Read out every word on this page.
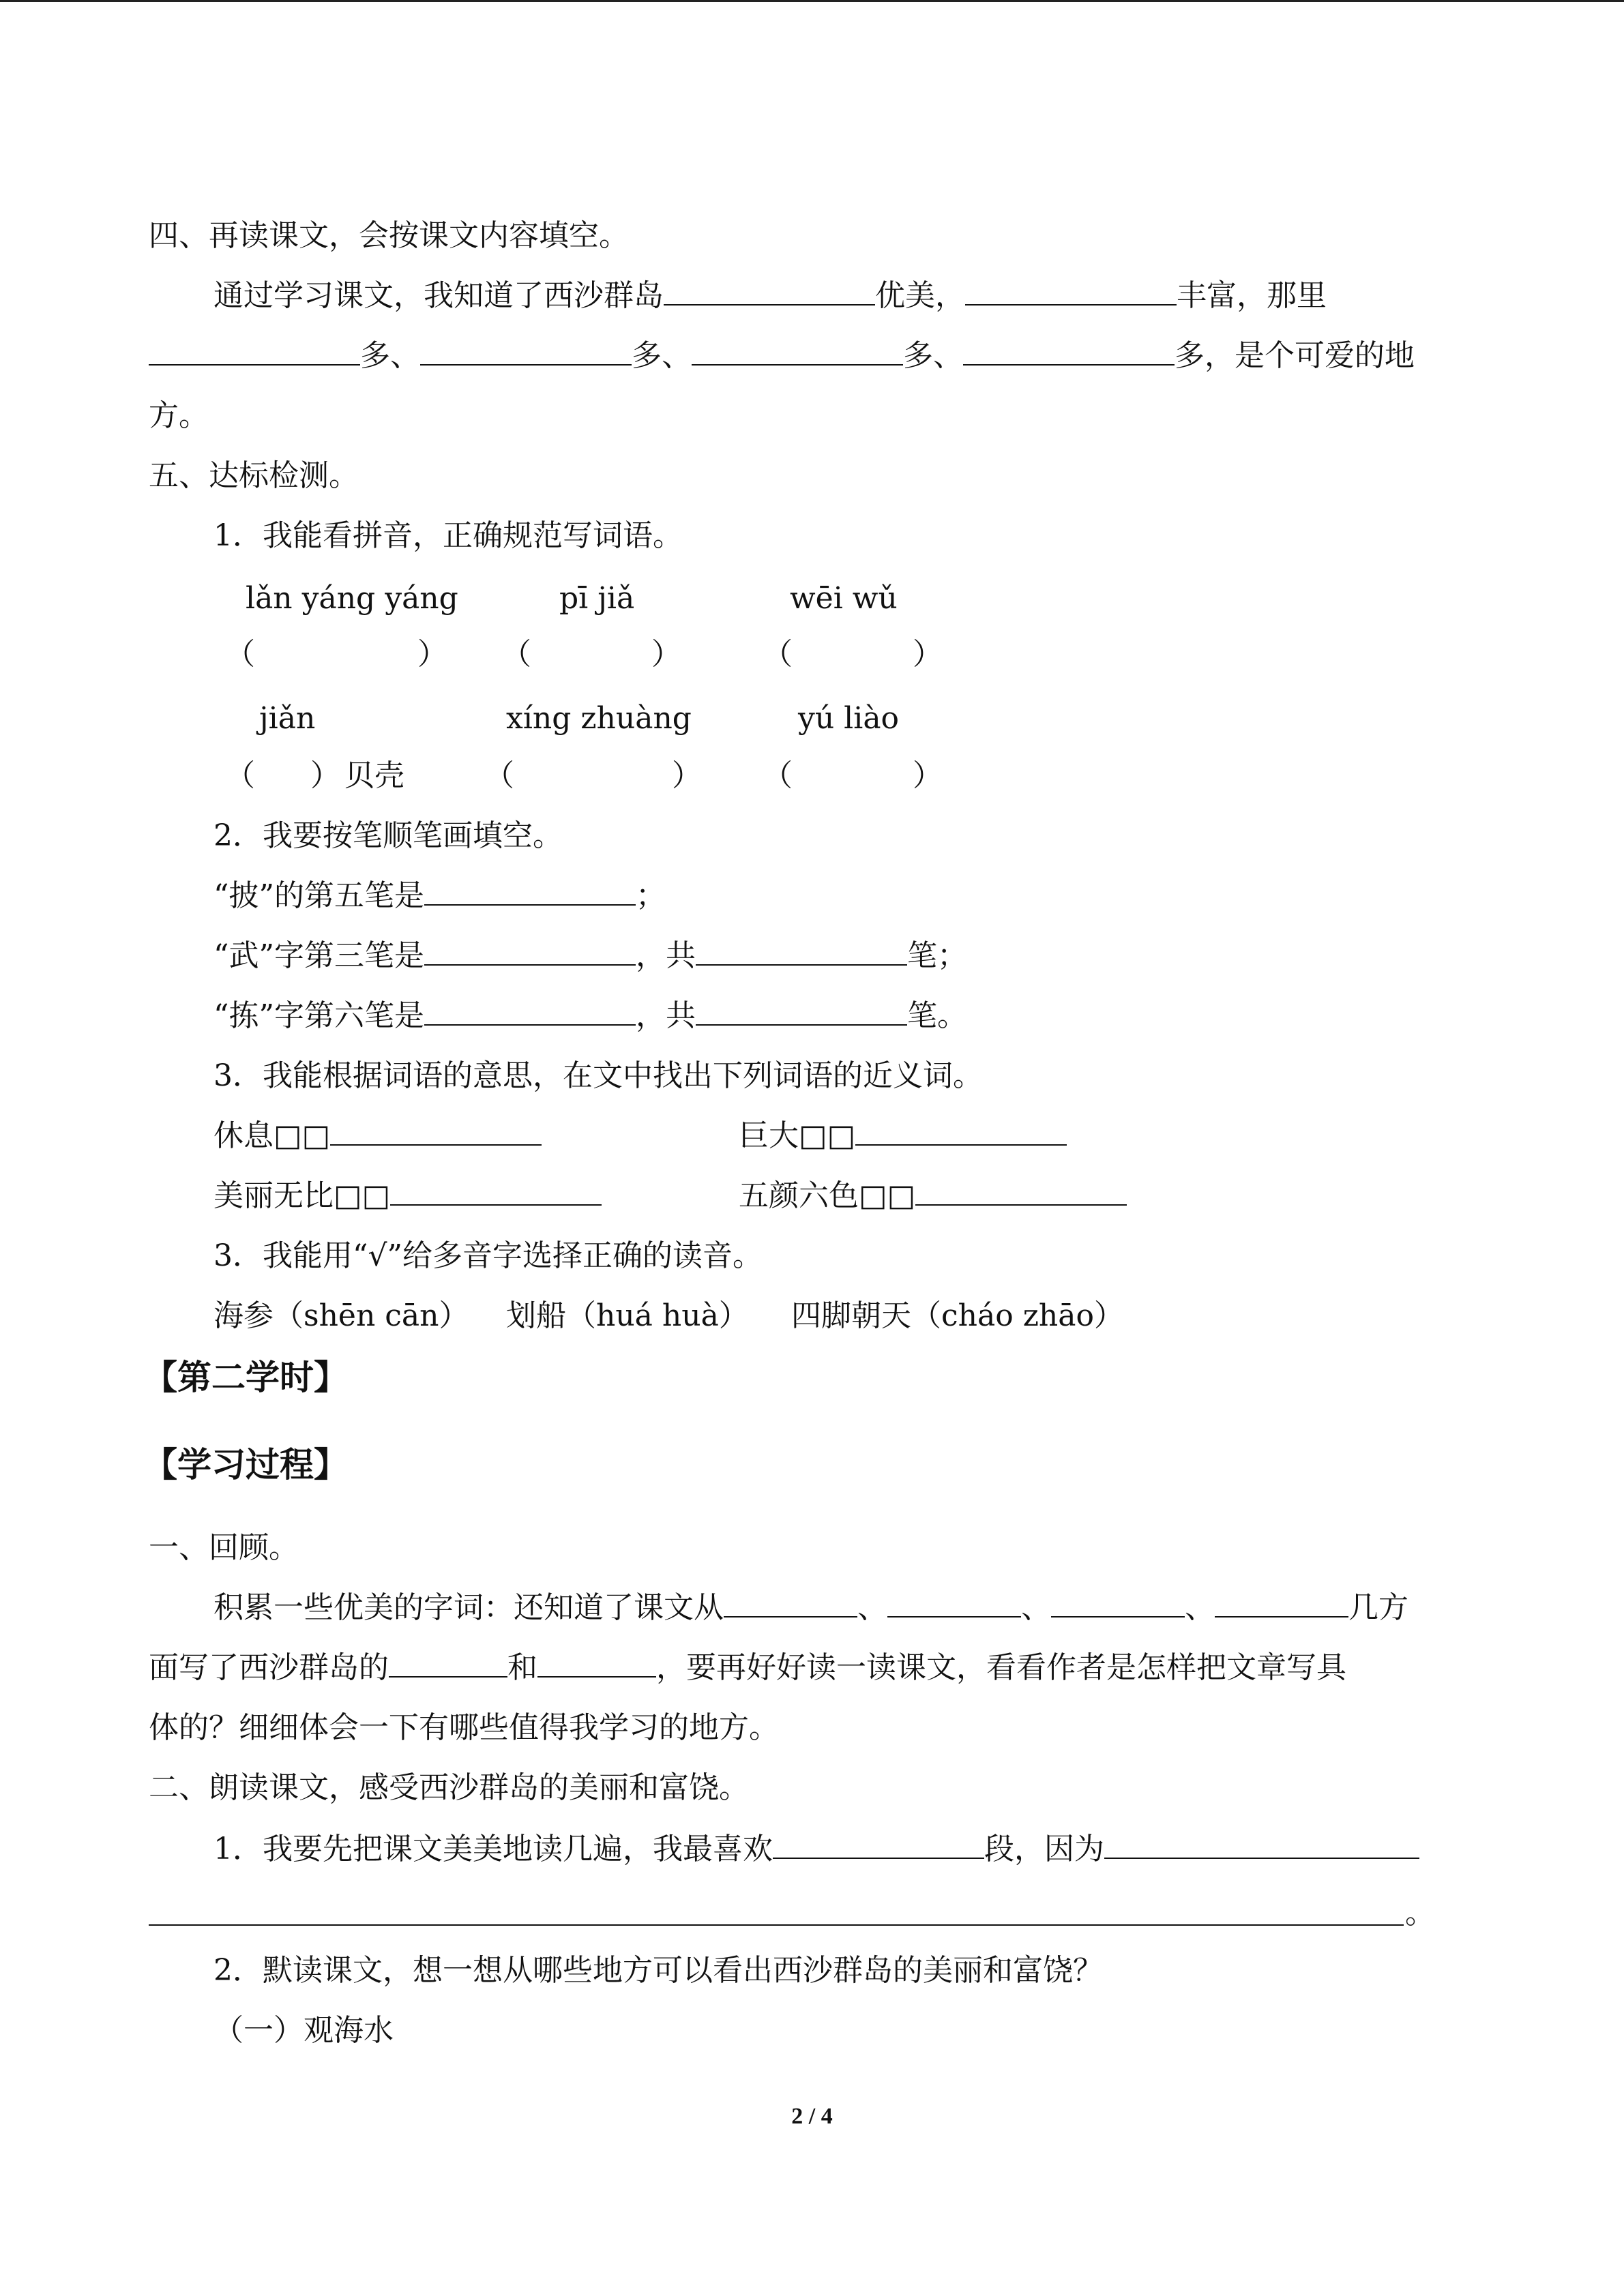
四、再读课文，会按课文内容填空。
通过学习课文，我知道了西沙群岛	优美，	丰富，那里
多、	多、	多、	多，是个可爱的地
方。
五、达标检测。
1．我能看拼音，正确规范写词语。
lǎn yáng yáng	pī jiǎ	wēi wǔ
（	） （	）	（	）
jiǎn	xíng zhuàng	yú liào
（ ） 贝壳	（	） （	）
2．我要按笔顺笔画填空。
“披”的第五笔是	；
“武”字第三笔是	，共	笔；
“拣”字第六笔是	，共	笔。
3．我能根据词语的意思，在文中找出下列词语的近义词。
休息□□	巨大□□
美丽无比□□	五颜六色□□
3．我能用“√”给多音字选择正确的读音。
海参（shēn cān） 划船（huá huà） 四脚朝天（cháo zhāo）
【第二学时】
【学习过程】
一、回顾。
积累一些优美的字词：还知道了课文从	、	、	、	几方
面写了西沙群岛的	和	，要再好好读一读课文，看看作者是怎样把文章写具
体的？细细体会一下有哪些值得我学习的地方。
二、朗读课文，感受西沙群岛的美丽和富饶。
1．我要先把课文美美地读几遍，我最喜欢	段，因为
。
2．默读课文，想一想从哪些地方可以看出西沙群岛的美丽和富饶？
（一）观海水
2 / 4
